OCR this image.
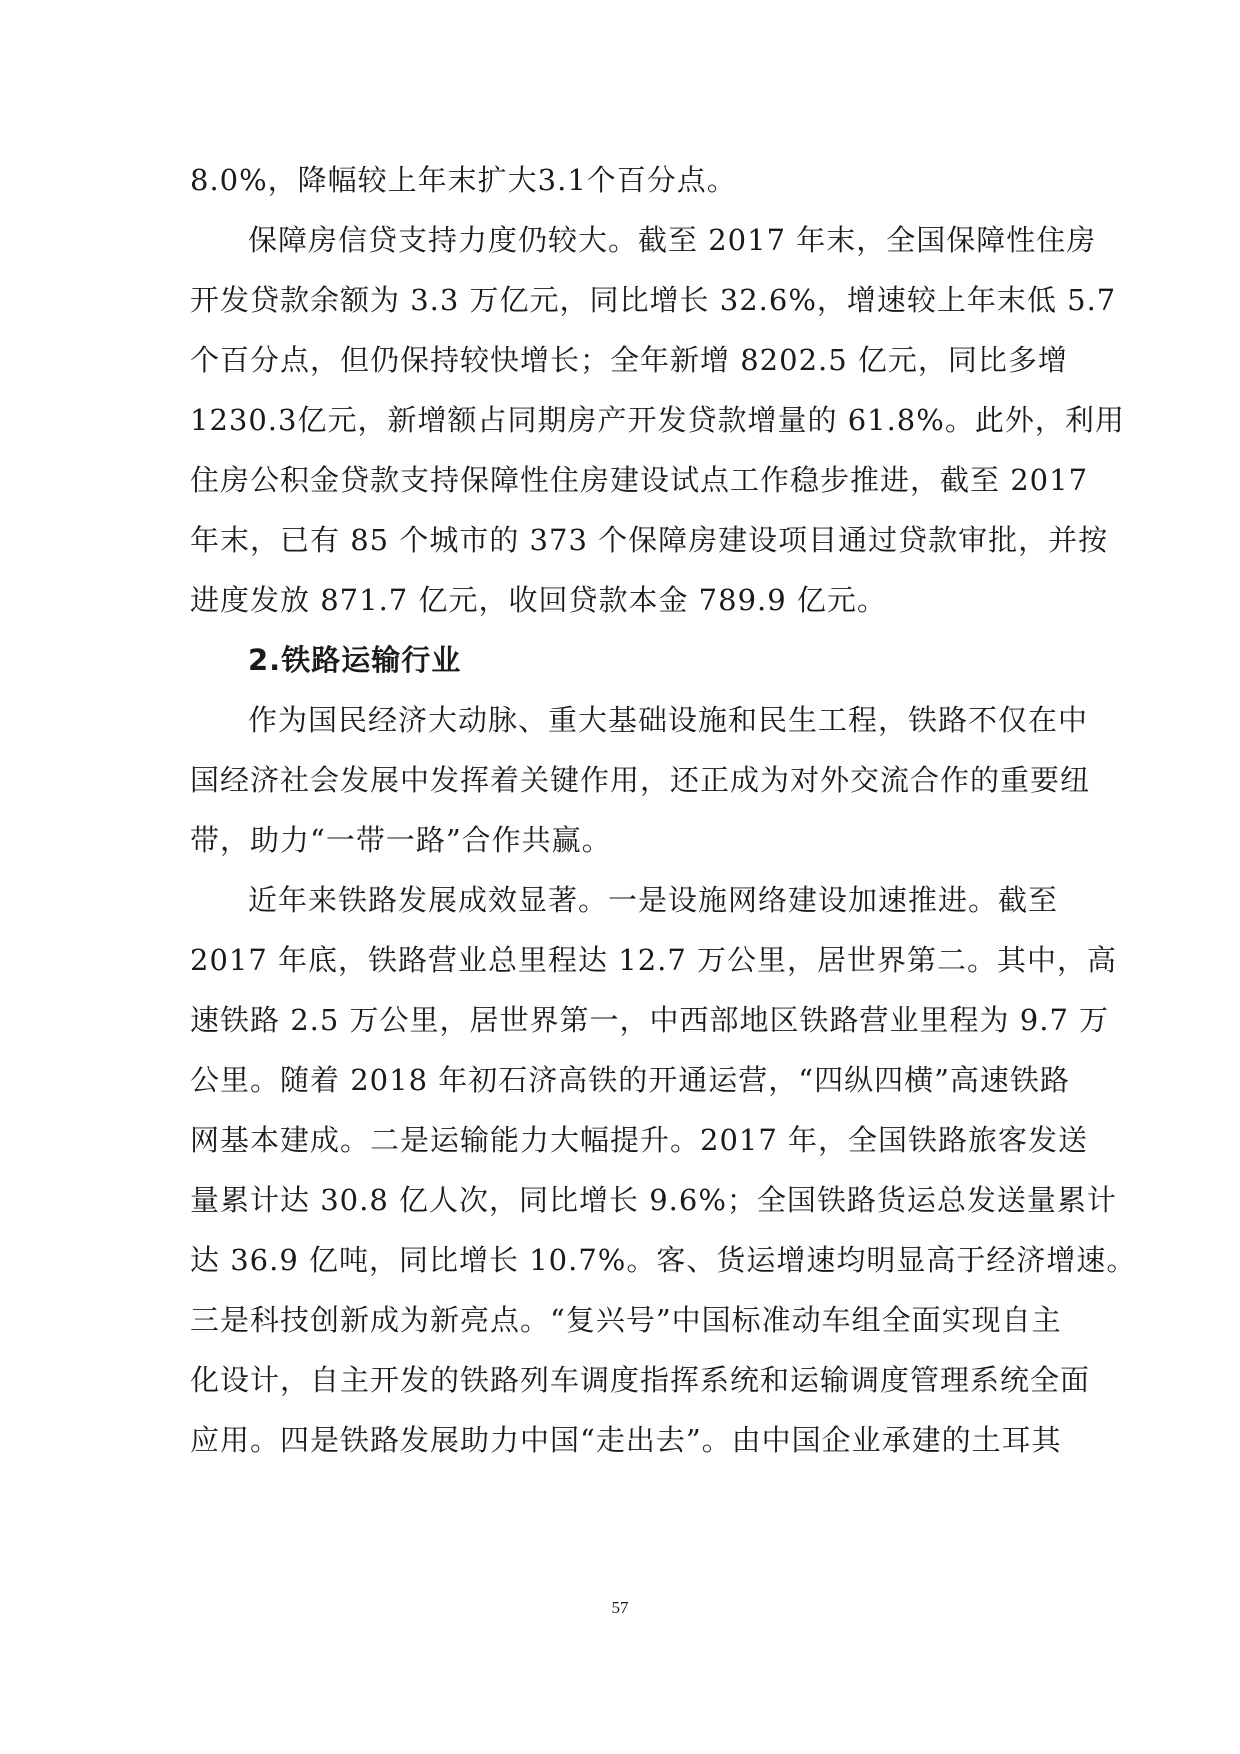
8.0%，降幅较上年末扩大3.1个百分点。
保障房信贷支持力度仍较大。截至 2017 年末，全国保障性住房
开发贷款余额为 3.3 万亿元，同比增长 32.6%，增速较上年末低 5.7
个百分点，但仍保持较快增长；全年新增 8202.5 亿元，同比多增
1230.3亿元，新增额占同期房产开发贷款增量的 61.8%。此外，利用
住房公积金贷款支持保障性住房建设试点工作稳步推进，截至 2017
年末，已有 85 个城市的 373 个保障房建设项目通过贷款审批，并按
进度发放 871.7 亿元，收回贷款本金 789.9 亿元。
2.铁路运输行业
作为国民经济大动脉、重大基础设施和民生工程，铁路不仅在中
国经济社会发展中发挥着关键作用，还正成为对外交流合作的重要纽
带，助力“一带一路”合作共赢。
近年来铁路发展成效显著。一是设施网络建设加速推进。截至
2017 年底，铁路营业总里程达 12.7 万公里，居世界第二。其中，高
速铁路 2.5 万公里，居世界第一，中西部地区铁路营业里程为 9.7 万
公里。随着 2018 年初石济高铁的开通运营，“四纵四横”高速铁路
网基本建成。二是运输能力大幅提升。2017 年，全国铁路旅客发送
量累计达 30.8 亿人次，同比增长 9.6%；全国铁路货运总发送量累计
达 36.9 亿吨，同比增长 10.7%。客、货运增速均明显高于经济增速。
三是科技创新成为新亮点。“复兴号”中国标准动车组全面实现自主
化设计，自主开发的铁路列车调度指挥系统和运输调度管理系统全面
应用。四是铁路发展助力中国“走出去”。由中国企业承建的土耳其
57
